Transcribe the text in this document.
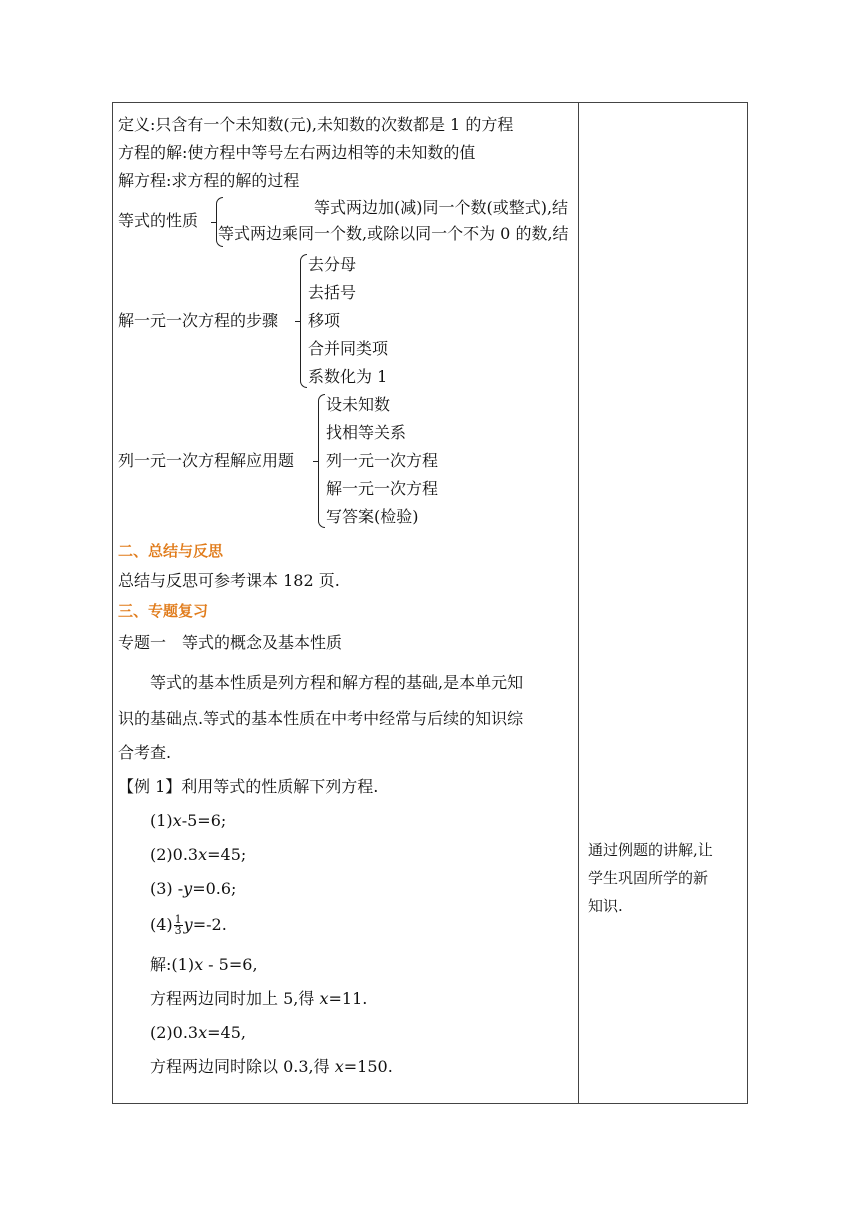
定义:只含有一个未知数(元),未知数的次数都是 1 的方程
方程的解:使方程中等号左右两边相等的未知数的值
解方程:求方程的解的过程
等式的性质
等式两边加(减)同一个数(或整式),结
等式两边乘同一个数,或除以同一个不为 0 的数,结
解一元一次方程的步骤
去分母
去括号
移项
合并同类项
系数化为 1
列一元一次方程解应用题
设未知数
找相等关系
列一元一次方程
解一元一次方程
写答案(检验)
二、总结与反思
总结与反思可参考课本 182 页.
三、专题复习
专题一　等式的概念及基本性质
等式的基本性质是列方程和解方程的基础,是本单元知
识的基础点.等式的基本性质在中考中经常与后续的知识综
合考查.
【例 1】利用等式的性质解下列方程.
(1)x-5=6;
(2)0.3x=45;
(3) -y=0.6;
$(4) \frac{1}{3} y=-2$.
解:(1)x - 5=6,
方程两边同时加上 5,得 x=11.
(2)0.3x=45,
方程两边同时除以 0.3,得 x=150.
通过例题的讲解,让
学生巩固所学的新
知识.
